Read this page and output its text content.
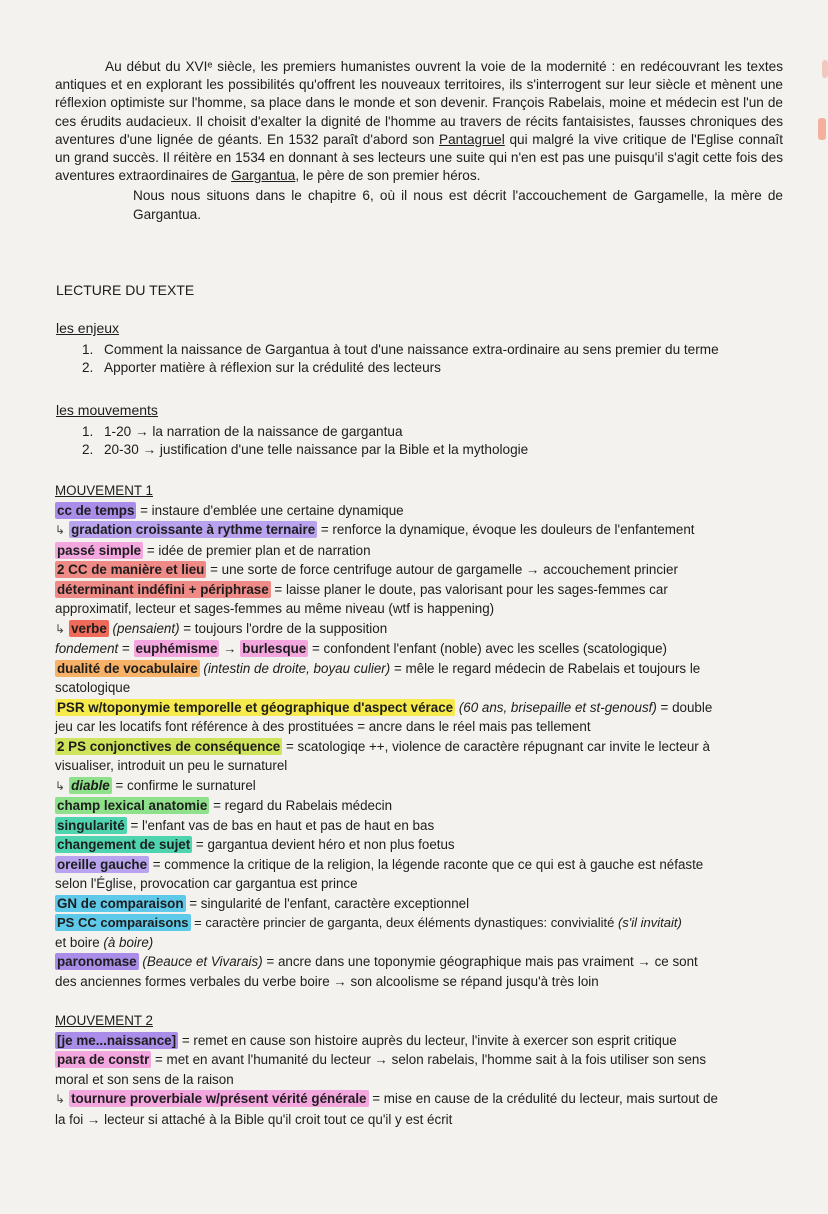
Au début du XVIᵉ siècle, les premiers humanistes ouvrent la voie de la modernité : en redécouvrant les textes antiques et en explorant les possibilités qu'offrent les nouveaux territoires, ils s'interrogent sur leur siècle et mènent une réflexion optimiste sur l'homme, sa place dans le monde et son devenir. François Rabelais, moine et médecin est l'un de ces érudits audacieux. Il choisit d'exalter la dignité de l'homme au travers de récits fantaisistes, fausses chroniques des aventures d'une lignée de géants. En 1532 paraît d'abord son Pantagruel qui malgré la vive critique de l'Eglise connaît un grand succès. Il réitère en 1534 en donnant à ses lecteurs une suite qui n'en est pas une puisqu'il s'agit cette fois des aventures extraordinaires de Gargantua, le père de son premier héros.

Nous nous situons dans le chapitre 6, où il nous est décrit l'accouchement de Gargamelle, la mère de Gargantua.

LECTURE DU TEXTE
les enjeux
1. Comment la naissance de Gargantua à tout d'une naissance extra-ordinaire au sens premier du terme
2. Apporter matière à réflexion sur la crédulité des lecteurs
les mouvements
1. 1-20 → la narration de la naissance de gargantua
2. 20-30 → justification d'une telle naissance par la Bible et la mythologie
MOUVEMENT 1
cc de temps = instaure d'emblée une certaine dynamique
↳ gradation croissante à rythme ternaire = renforce la dynamique, évoque les douleurs de l'enfantement
passé simple = idée de premier plan et de narration
2 CC de manière et lieu = une sorte de force centrifuge autour de gargamelle → accouchement princier
déterminant indéfini + périphrase = laisse planer le doute, pas valorisant pour les sages-femmes car
approximatif, lecteur et sages-femmes au même niveau (wtf is happening)
↳ verbe (pensaient) = toujours l'ordre de la supposition
fondement = euphémisme → burlesque = confondent l'enfant (noble) avec les scelles (scatologique)
dualité de vocabulaire (intestin de droite, boyau culier) = mêle le regard médecin de Rabelais et toujours le
scatologique
PSR w/toponymie temporelle et géographique d'aspect vérace (60 ans, brisepaille et st-genousf) = double
jeu car les locatifs font référence à des prostituées = ancre dans le réel mais pas tellement
2 PS conjonctives de conséquence = scatologiqe ++, violence de caractère répugnant car invite le lecteur à
visualiser, introduit un peu le surnaturel
↳ diable = confirme le surnaturel
champ lexical anatomie = regard du Rabelais médecin
singularité = l'enfant vas de bas en haut et pas de haut en bas
changement de sujet = gargantua devient héro et non plus foetus
oreille gauche = commence la critique de la religion, la légende raconte que ce qui est à gauche est néfaste
selon l'Église, provocation car gargantua est prince
GN de comparaison = singularité de l'enfant, caractère exceptionnel
PS CC comparaisons = caractère princier de garganta, deux éléments dynastiques: convivialité (s'il invitait)
et boire (à boire)
paronomase (Beauce et Vivarais) = ancre dans une toponymie géographique mais pas vraiment → ce sont
des anciennes formes verbales du verbe boire → son alcoolisme se répand jusqu'à très loin
MOUVEMENT 2
[je me...naissance] = remet en cause son histoire auprès du lecteur, l'invite à exercer son esprit critique
para de constr = met en avant l'humanité du lecteur → selon rabelais, l'homme sait à la fois utiliser son sens
moral et son sens de la raison
↳ tournure proverbiale w/présent vérité générale = mise en cause de la crédulité du lecteur, mais surtout de
la foi → lecteur si attaché à la Bible qu'il croit tout ce qu'il y est écrit
